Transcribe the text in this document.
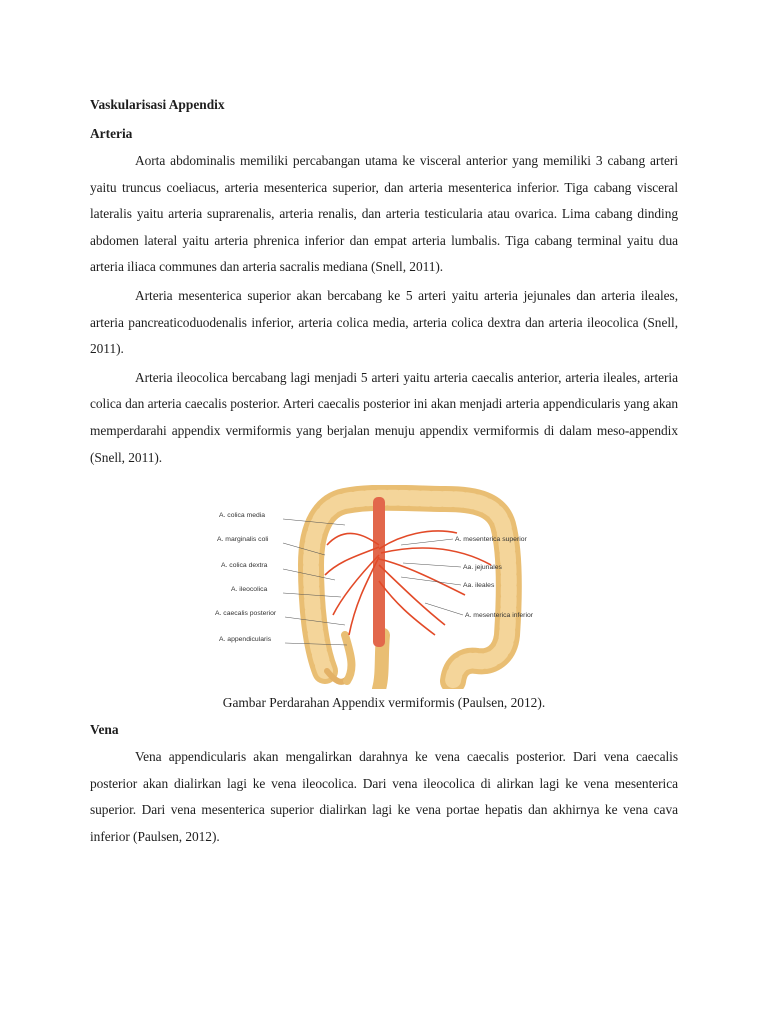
Vaskularisasi Appendix

Arteria

Aorta abdominalis memiliki percabangan utama ke visceral anterior yang memiliki 3 cabang arteri yaitu truncus coeliacus, arteria mesenterica superior, dan arteria mesenterica inferior. Tiga cabang visceral lateralis yaitu arteria suprarenalis, arteria renalis, dan arteria testicularia atau ovarica. Lima cabang dinding abdomen lateral yaitu arteria phrenica inferior dan empat arteria lumbalis. Tiga cabang terminal yaitu dua arteria iliaca communes dan arteria sacralis mediana (Snell, 2011).

Arteria mesenterica superior akan bercabang ke 5 arteri yaitu arteria jejunales dan arteria ileales, arteria pancreaticoduodenalis inferior, arteria colica media, arteria colica dextra dan arteria ileocolica (Snell, 2011).

Arteria ileocolica bercabang lagi menjadi 5 arteri yaitu arteria caecalis anterior, arteria ileales, arteria colica dan arteria caecalis posterior. Arteri caecalis posterior ini akan menjadi arteria appendicularis yang akan memperdarahi appendix vermiformis yang berjalan menuju appendix vermiformis di dalam meso-appendix (Snell, 2011).

A. colica media
A. marginalis coli
A. colica dextra
A. ileocolica
A. caecalis posterior
A. appendicularis
A. mesenterica superior
Aa. jejunales
Aa. ileales
A. mesenterica inferior

Gambar Perdarahan Appendix vermiformis (Paulsen, 2012).

Vena

Vena appendicularis akan mengalirkan darahnya ke vena caecalis posterior. Dari vena caecalis posterior akan dialirkan lagi ke vena ileocolica. Dari vena ileocolica di alirkan lagi ke vena mesenterica superior. Dari vena mesenterica superior dialirkan lagi ke vena portae hepatis dan akhirnya ke vena cava inferior (Paulsen, 2012).
